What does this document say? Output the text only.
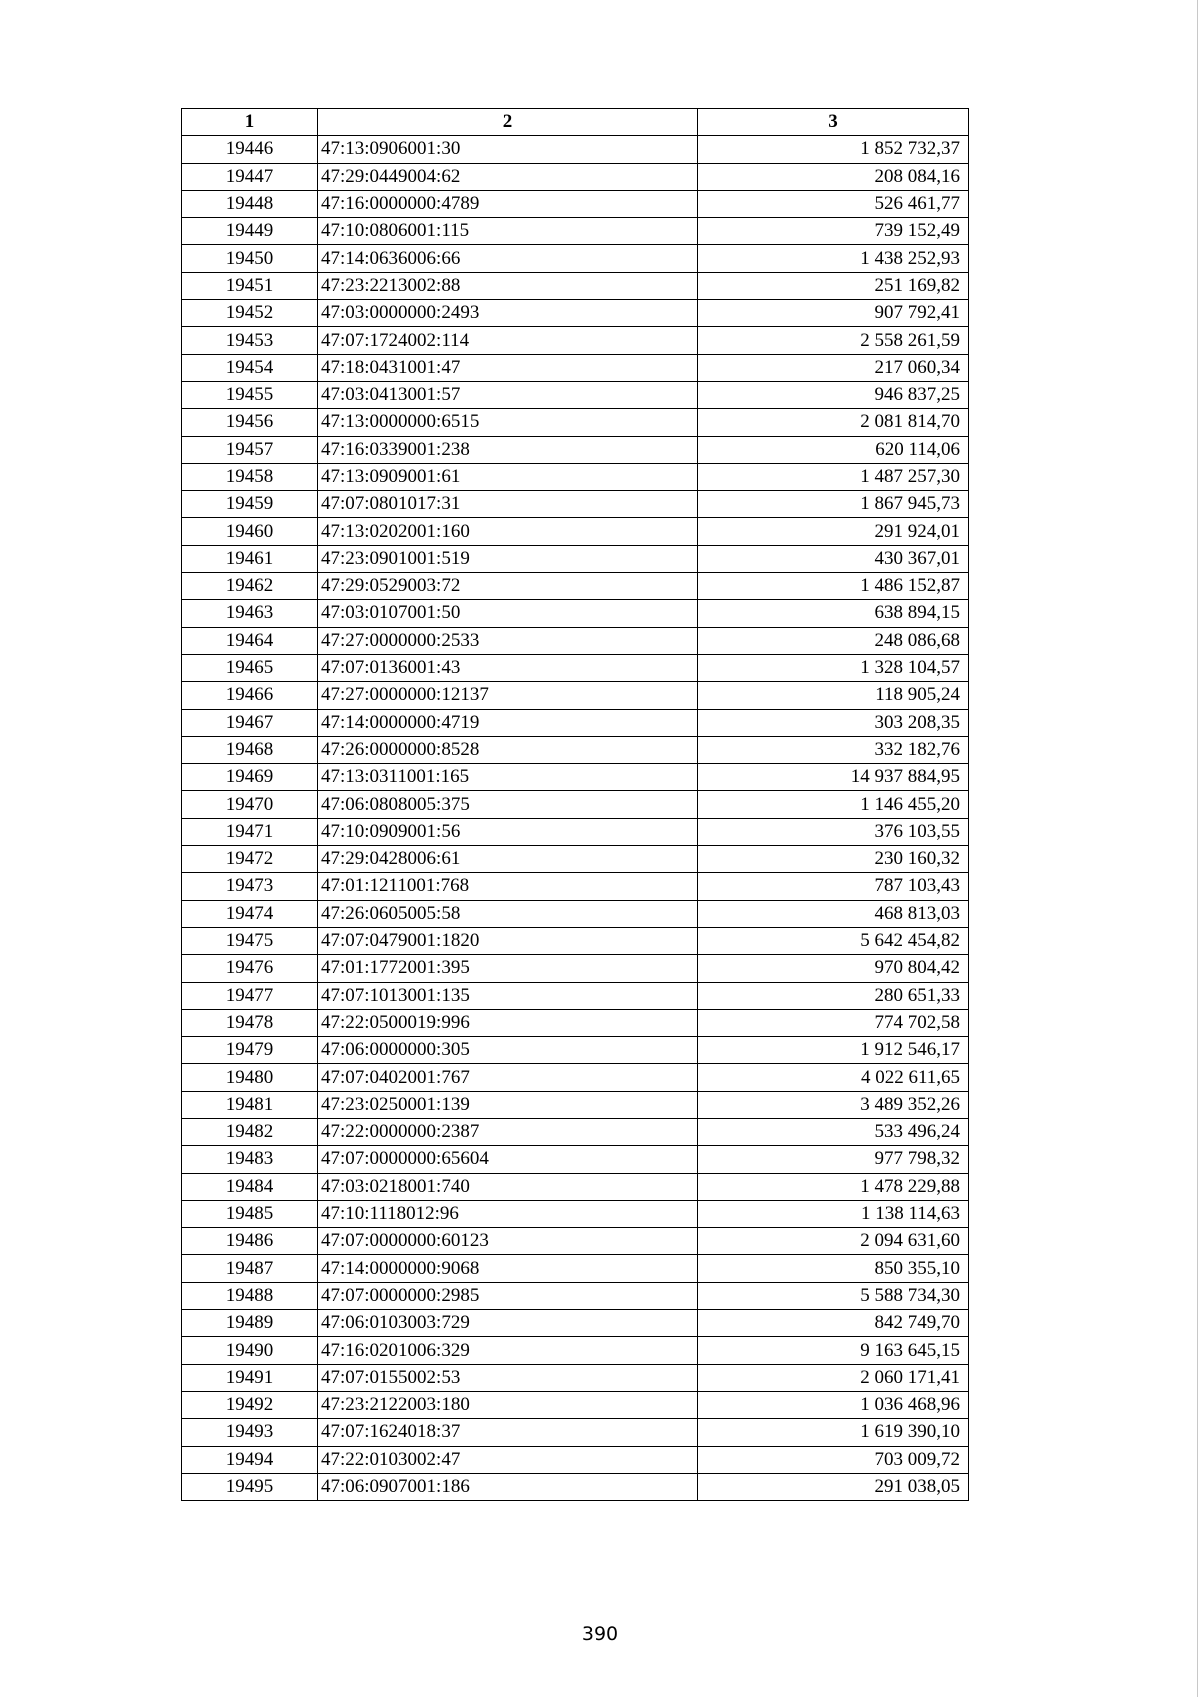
1	2	3
19446	47:13:0906001:30	1 852 732,37
19447	47:29:0449004:62	208 084,16
19448	47:16:0000000:4789	526 461,77
19449	47:10:0806001:115	739 152,49
19450	47:14:0636006:66	1 438 252,93
19451	47:23:2213002:88	251 169,82
19452	47:03:0000000:2493	907 792,41
19453	47:07:1724002:114	2 558 261,59
19454	47:18:0431001:47	217 060,34
19455	47:03:0413001:57	946 837,25
19456	47:13:0000000:6515	2 081 814,70
19457	47:16:0339001:238	620 114,06
19458	47:13:0909001:61	1 487 257,30
19459	47:07:0801017:31	1 867 945,73
19460	47:13:0202001:160	291 924,01
19461	47:23:0901001:519	430 367,01
19462	47:29:0529003:72	1 486 152,87
19463	47:03:0107001:50	638 894,15
19464	47:27:0000000:2533	248 086,68
19465	47:07:0136001:43	1 328 104,57
19466	47:27:0000000:12137	118 905,24
19467	47:14:0000000:4719	303 208,35
19468	47:26:0000000:8528	332 182,76
19469	47:13:0311001:165	14 937 884,95
19470	47:06:0808005:375	1 146 455,20
19471	47:10:0909001:56	376 103,55
19472	47:29:0428006:61	230 160,32
19473	47:01:1211001:768	787 103,43
19474	47:26:0605005:58	468 813,03
19475	47:07:0479001:1820	5 642 454,82
19476	47:01:1772001:395	970 804,42
19477	47:07:1013001:135	280 651,33
19478	47:22:0500019:996	774 702,58
19479	47:06:0000000:305	1 912 546,17
19480	47:07:0402001:767	4 022 611,65
19481	47:23:0250001:139	3 489 352,26
19482	47:22:0000000:2387	533 496,24
19483	47:07:0000000:65604	977 798,32
19484	47:03:0218001:740	1 478 229,88
19485	47:10:1118012:96	1 138 114,63
19486	47:07:0000000:60123	2 094 631,60
19487	47:14:0000000:9068	850 355,10
19488	47:07:0000000:2985	5 588 734,30
19489	47:06:0103003:729	842 749,70
19490	47:16:0201006:329	9 163 645,15
19491	47:07:0155002:53	2 060 171,41
19492	47:23:2122003:180	1 036 468,96
19493	47:07:1624018:37	1 619 390,10
19494	47:22:0103002:47	703 009,72
19495	47:06:0907001:186	291 038,05
390
